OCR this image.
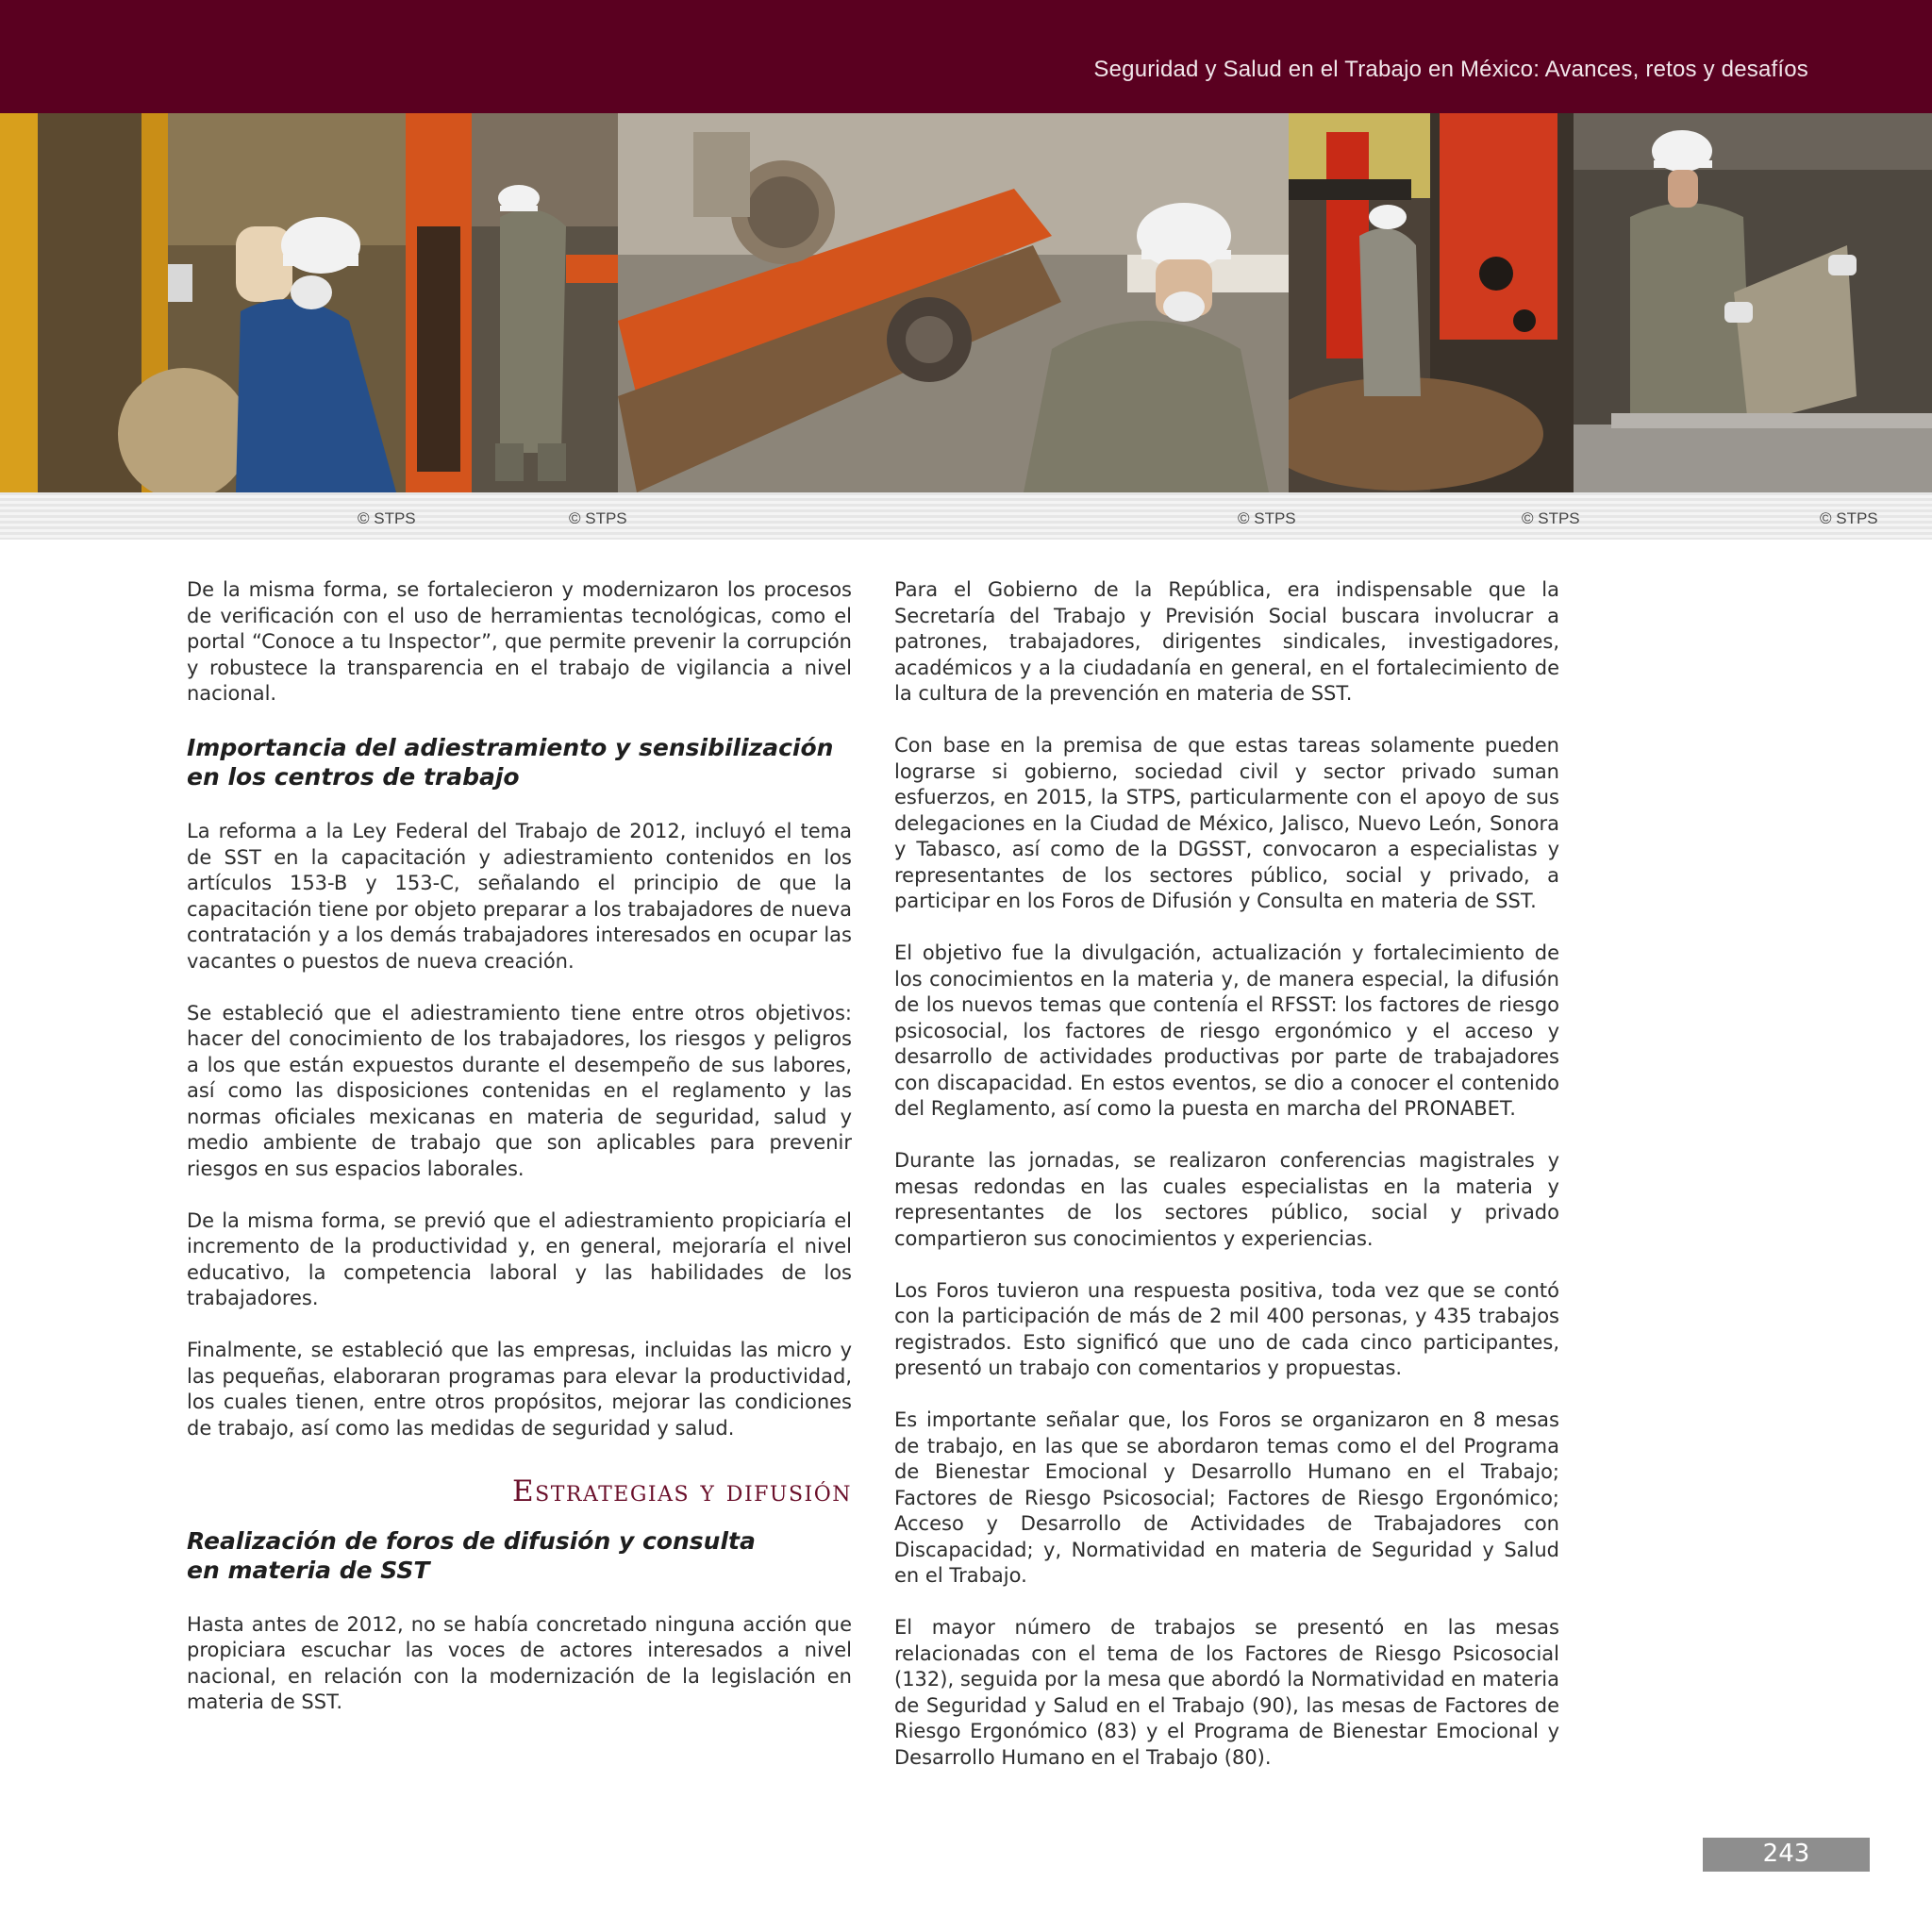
Seguridad y Salud en el Trabajo en México: Avances, retos y desafíos
© STPS	© STPS	© STPS	© STPS	© STPS

De la misma forma, se fortalecieron y modernizaron los procesos de verificación con el uso de herramientas tecnológicas, como el portal “Conoce a tu Inspector”, que permite prevenir la corrupción y robustece la transparencia en el trabajo de vigilancia a nivel nacional.

Importancia del adiestramiento y sensibilización
en los centros de trabajo

La reforma a la Ley Federal del Trabajo de 2012, incluyó el tema de SST en la capacitación y adiestramiento contenidos en los artículos 153-B y 153-C, señalando el principio de que la capacitación tiene por objeto preparar a los trabajadores de nueva contratación y a los demás trabajadores interesados en ocupar las vacantes o puestos de nueva creación.

Se estableció que el adiestramiento tiene entre otros objetivos: hacer del conocimiento de los trabajadores, los riesgos y peligros a los que están expuestos durante el desempeño de sus labores, así como las disposiciones contenidas en el reglamento y las normas oficiales mexicanas en materia de seguridad, salud y medio ambiente de trabajo que son aplicables para prevenir riesgos en sus espacios laborales.

De la misma forma, se previó que el adiestramiento propiciaría el incremento de la productividad y, en general, mejoraría el nivel educativo, la competencia laboral y las habilidades de los trabajadores.

Finalmente, se estableció que las empresas, incluidas las micro y las pequeñas, elaboraran programas para elevar la productividad, los cuales tienen, entre otros propósitos, mejorar las condiciones de trabajo, así como las medidas de seguridad y salud.

Estrategias y difusión
Realización de foros de difusión y consulta
en materia de SST

Hasta antes de 2012, no se había concretado ninguna acción que propiciara escuchar las voces de actores interesados a nivel nacional, en relación con la modernización de la legislación en materia de SST.

Para el Gobierno de la República, era indispensable que la Secretaría del Trabajo y Previsión Social buscara involucrar a patrones, trabajadores, dirigentes sindicales, investigadores, académicos y a la ciudadanía en general, en el fortalecimiento de la cultura de la prevención en materia de SST.

Con base en la premisa de que estas tareas solamente pueden lograrse si gobierno, sociedad civil y sector privado suman esfuerzos, en 2015, la STPS, particularmente con el apoyo de sus delegaciones en la Ciudad de México, Jalisco, Nuevo León, Sonora y Tabasco, así como de la DGSST, convocaron a especialistas y representantes de los sectores público, social y privado, a participar en los Foros de Difusión y Consulta en materia de SST.

El objetivo fue la divulgación, actualización y fortalecimiento de los conocimientos en la materia y, de manera especial, la difusión de los nuevos temas que contenía el RFSST: los factores de riesgo psicosocial, los factores de riesgo ergonómico y el acceso y desarrollo de actividades productivas por parte de trabajadores con discapacidad. En estos eventos, se dio a conocer el contenido del Reglamento, así como la puesta en marcha del PRONABET.

Durante las jornadas, se realizaron conferencias magistrales y mesas redondas en las cuales especialistas en la materia y representantes de los sectores público, social y privado compartieron sus conocimientos y experiencias.

Los Foros tuvieron una respuesta positiva, toda vez que se contó con la participación de más de 2 mil 400 personas, y 435 trabajos registrados. Esto significó que uno de cada cinco participantes, presentó un trabajo con comentarios y propuestas.

Es importante señalar que, los Foros se organizaron en 8 mesas de trabajo, en las que se abordaron temas como el del Programa de Bienestar Emocional y Desarrollo Humano en el Trabajo; Factores de Riesgo Psicosocial; Factores de Riesgo Ergonómico; Acceso y Desarrollo de Actividades de Trabajadores con Discapacidad; y, Normatividad en materia de Seguridad y Salud en el Trabajo.

El mayor número de trabajos se presentó en las mesas relacionadas con el tema de los Factores de Riesgo Psicosocial (132), seguida por la mesa que abordó la Normatividad en materia de Seguridad y Salud en el Trabajo (90), las mesas de Factores de Riesgo Ergonómico (83) y el Programa de Bienestar Emocional y Desarrollo Humano en el Trabajo (80).

243
